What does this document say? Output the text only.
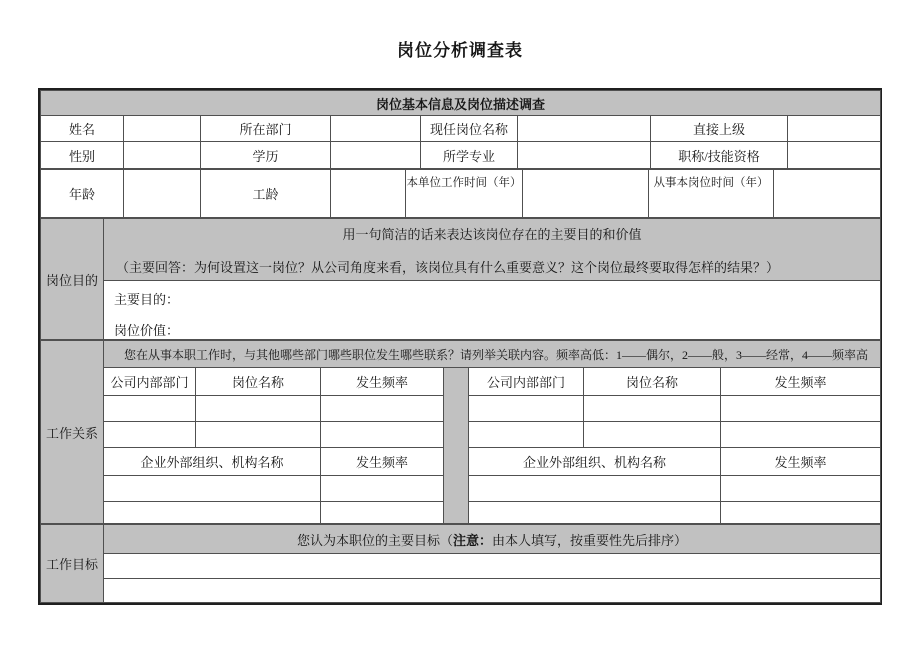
岗位分析调查表
岗位基本信息及岗位描述调查							
姓名		所在部门		现任岗位名称		直接上级	
性别		学历		所学专业		职称/技能资格	
年龄		工龄		本单位工作时间（年）		从事本岗位时间（年）	
岗位目的	
用一句简洁的话来表达该岗位存在的主要目的和价值
（主要回答：为何设置这一岗位？从公司角度来看，该岗位具有什么重要意义？这个岗位最终要取得怎样的结果？）

主要目的：
岗位价值：
工作关系	您在从事本职工作时，与其他哪些部门哪些职位发生哪些联系？请列举关联内容。频率高低：1——偶尔，2——般，3——经常，4——频率高						
	公司内部部门	岗位名称	发生频率		公司内部部门	岗位名称	发生频率

	企业外部组织、机构名称		发生频率		企业外部组织、机构名称		发生频率

工作目标	您认为本职位的主要目标（注意：由本人填写，按重要性先后排序）
